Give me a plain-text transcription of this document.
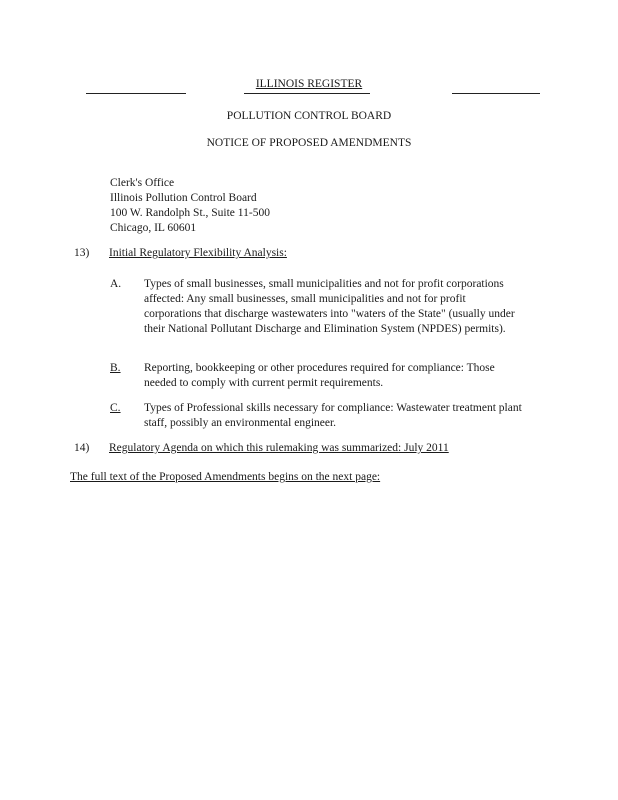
ILLINOIS REGISTER
POLLUTION CONTROL BOARD
NOTICE OF PROPOSED AMENDMENTS
Clerk's Office
Illinois Pollution Control Board
100 W. Randolph St., Suite 11-500
Chicago, IL 60601
13) Initial Regulatory Flexibility Analysis:
A. Types of small businesses, small municipalities and not for profit corporations affected: Any small businesses, small municipalities and not for profit corporations that discharge wastewaters into "waters of the State" (usually under their National Pollutant Discharge and Elimination System (NPDES) permits).
B. Reporting, bookkeeping or other procedures required for compliance: Those needed to comply with current permit requirements.
C. Types of Professional skills necessary for compliance: Wastewater treatment plant staff, possibly an environmental engineer.
14) Regulatory Agenda on which this rulemaking was summarized: July 2011
The full text of the Proposed Amendments begins on the next page:
